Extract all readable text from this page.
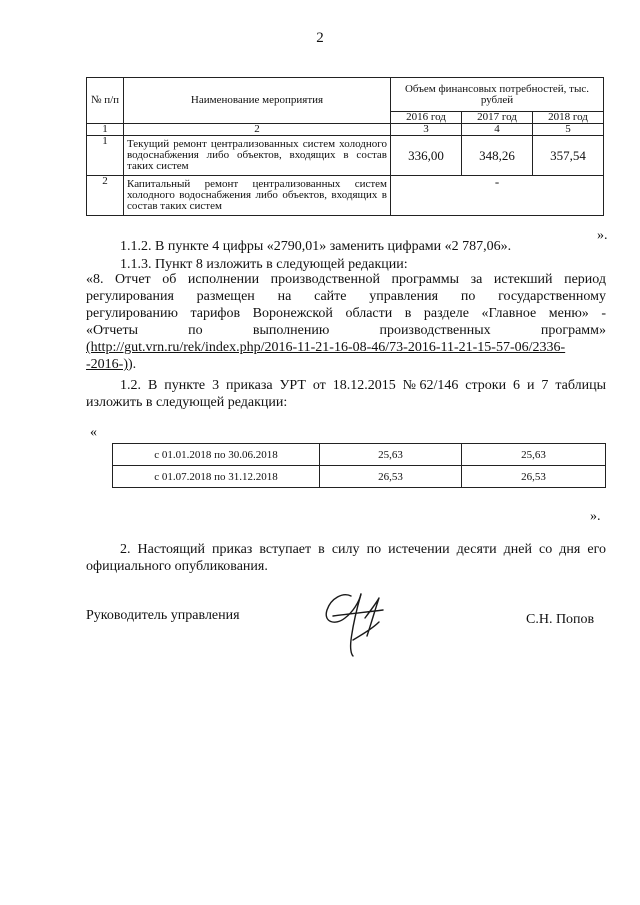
2
№ п/п	Наименование мероприятия	Объем финансовых потребностей, тыс. рублей		
		2016 год	2017 год	2018 год
1	2	3	4	5
1	Текущий ремонт централизованных систем холодного водоснабжения либо объектов, входящих в состав таких систем	336,00	348,26	357,54
2	Капитальный ремонт централизованных систем холодного водоснабжения либо объектов, входящих в состав таких систем	-		
».
1.1.2. В пункте 4 цифры «2790,01» заменить цифрами «2 787,06».
1.1.3. Пункт 8 изложить в следующей редакции:
«8. Отчет об исполнении производственной программы за истекший период
регулирования размещен на сайте управления по государственному
регулированию тарифов Воронежской области в разделе «Главное меню» -
«Отчеты по выполнению производственных программ»
(http://gut.vrn.ru/rek/index.php/2016-11-21-16-08-46/73-2016-11-21-15-57-06/2336-
-2016-)).
1.2. В пункте 3 приказа УРТ от 18.12.2015 №62/146 строки 6 и 7 таблицы
изложить в следующей редакции:
«
с 01.01.2018 по 30.06.2018	25,63	25,63
с 01.07.2018 по 31.12.2018	26,53	26,53
».
2. Настоящий приказ вступает в силу по истечении десяти дней со дня его
официального опубликования.
Руководитель управления	С.Н. Попов
